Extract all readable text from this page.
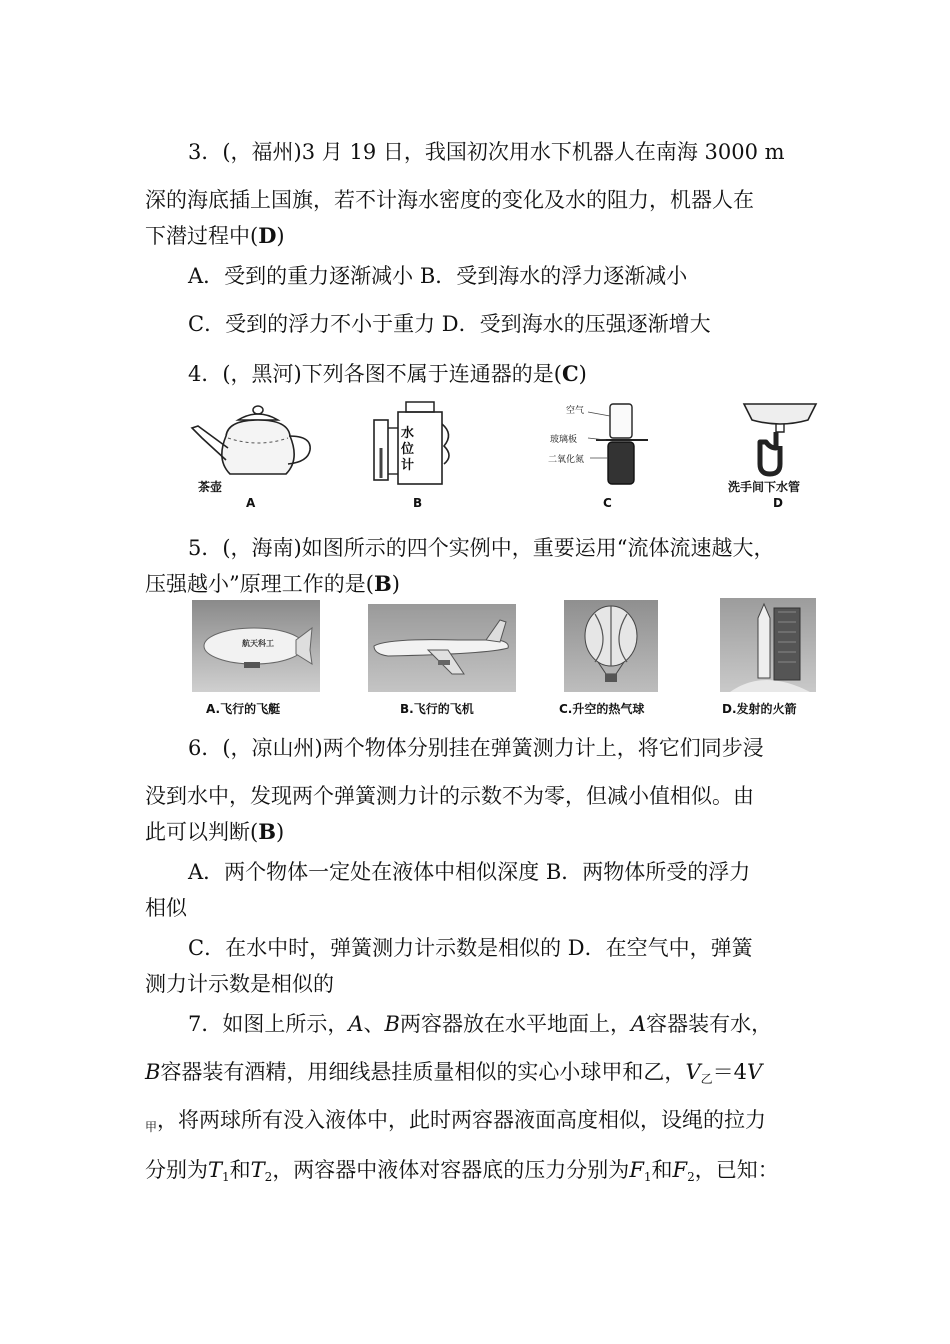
3．(，福州)3 月 19 日，我国初次用水下机器人在南海 3000 m
深的海底插上国旗，若不计海水密度的变化及水的阻力，机器人在
下潜过程中(D)
A．受到的重力逐渐减小 B．受到海水的浮力逐渐减小
C．受到的浮力不小于重力 D．受到海水的压强逐渐增大
4．(，黑河)下列各图不属于连通器的是(C)
茶壶
A
水
位
计
B
空气
玻璃板
二氧化氮
C
洗手间下水管
D
5．(，海南)如图所示的四个实例中，重要运用“流体流速越大，
压强越小”原理工作的是(B)
航天科工
A.飞行的飞艇	B.飞行的飞机	C.升空的热气球	D.发射的火箭
6．(，凉山州)两个物体分别挂在弹簧测力计上，将它们同步浸
没到水中，发现两个弹簧测力计的示数不为零，但减小值相似。由
此可以判断(B)
A．两个物体一定处在液体中相似深度 B．两物体所受的浮力
相似
C．在水中时，弹簧测力计示数是相似的 D．在空气中，弹簧
测力计示数是相似的
7．如图上所示，A、B两容器放在水平地面上，A容器装有水，
B容器装有酒精，用细线悬挂质量相似的实心小球甲和乙，$V_乙=4V$
$_甲$，将两球所有没入液体中，此时两容器液面高度相似，设绳的拉力
分别为$T_1$和$T_2$，两容器中液体对容器底的压力分别为$F_1$和$F_2$，已知：
